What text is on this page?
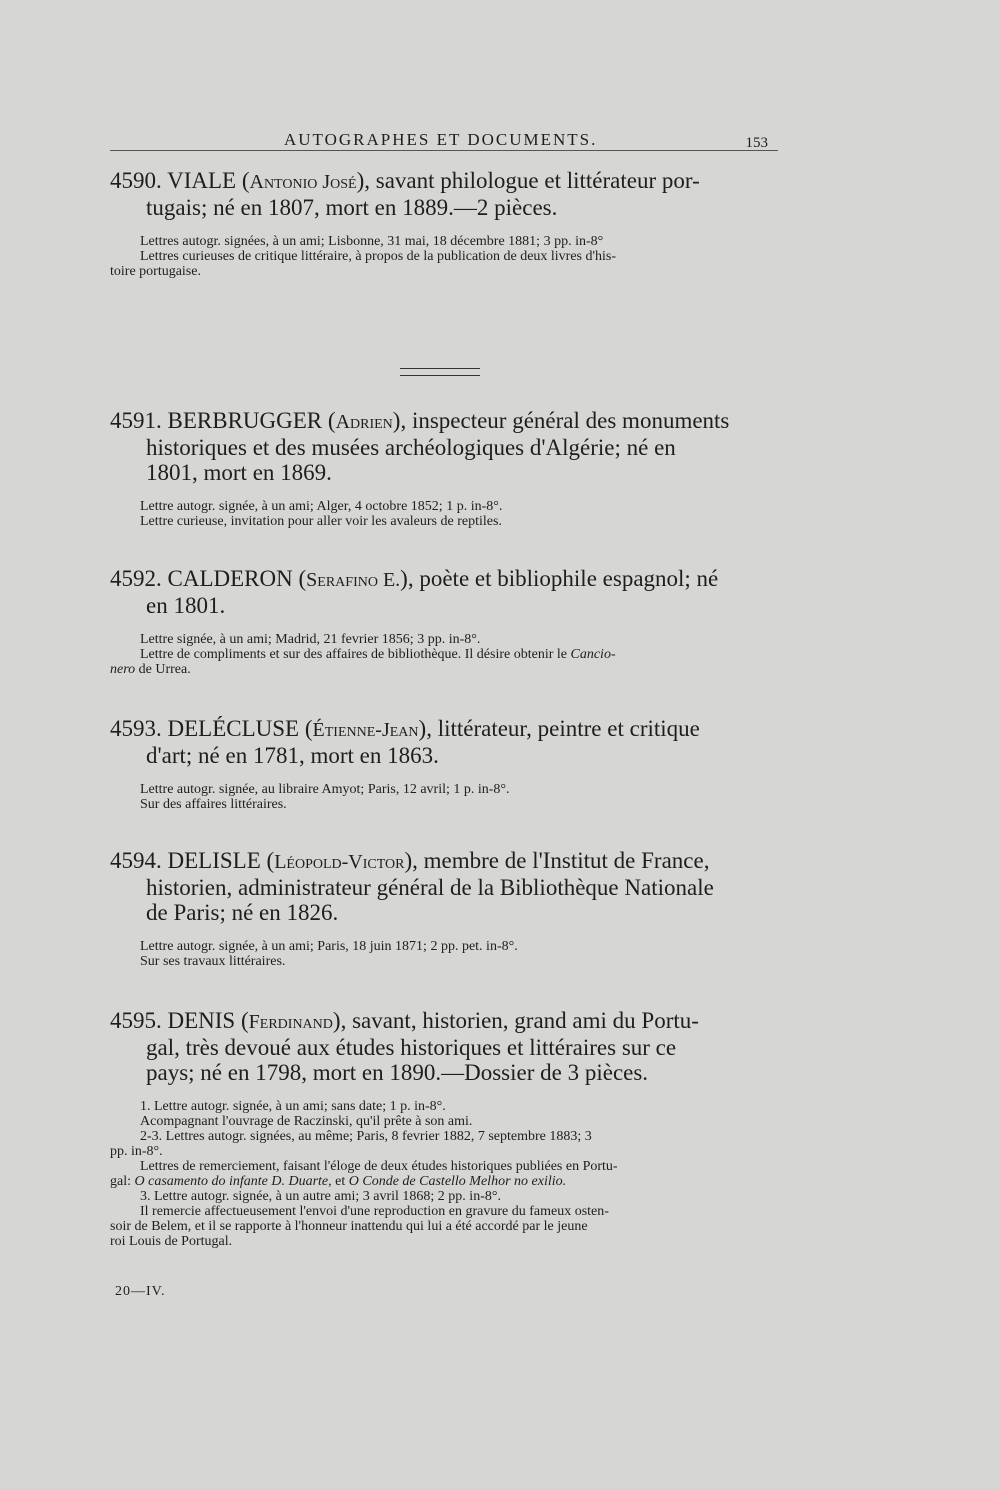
AUTOGRAPHES ET DOCUMENTS.	153

4590. VIALE (Antonio José), savant philologue et littérateur por-
tugais; né en 1807, mort en 1889.—2 pièces.

Lettres autogr. signées, à un ami; Lisbonne, 31 mai, 18 décembre 1881; 3 pp. in-8°

Lettres curieuses de critique littéraire, à propos de la publication de deux livres d'his-

toire portugaise.

4591. BERBRUGGER (Adrien), inspecteur général des monuments
historiques et des musées archéologiques d'Algérie; né en
1801, mort en 1869.

Lettre autogr. signée, à un ami; Alger, 4 octobre 1852; 1 p. in-8°.

Lettre curieuse, invitation pour aller voir les avaleurs de reptiles.

4592. CALDERON (Serafino E.), poète et bibliophile espagnol; né
en 1801.

Lettre signée, à un ami; Madrid, 21 fevrier 1856; 3 pp. in-8°.

Lettre de compliments et sur des affaires de bibliothèque. Il désire obtenir le Cancio-

nero de Urrea.

4593. DELÉCLUSE (Étienne-Jean), littérateur, peintre et critique
d'art; né en 1781, mort en 1863.

Lettre autogr. signée, au libraire Amyot; Paris, 12 avril; 1 p. in-8°.

Sur des affaires littéraires.

4594. DELISLE (Léopold-Victor), membre de l'Institut de France,
historien, administrateur général de la Bibliothèque Nationale
de Paris; né en 1826.

Lettre autogr. signée, à un ami; Paris, 18 juin 1871; 2 pp. pet. in-8°.

Sur ses travaux littéraires.

4595. DENIS (Ferdinand), savant, historien, grand ami du Portu-
gal, très devoué aux études historiques et littéraires sur ce
pays; né en 1798, mort en 1890.—Dossier de 3 pièces.

1. Lettre autogr. signée, à un ami; sans date; 1 p. in-8°.

Acompagnant l'ouvrage de Raczinski, qu'il prête à son ami.

2-3. Lettres autogr. signées, au même; Paris, 8 fevrier 1882, 7 septembre 1883; 3

pp. in-8°.

Lettres de remerciement, faisant l'éloge de deux études historiques publiées en Portu-

gal: O casamento do infante D. Duarte, et O Conde de Castello Melhor no exilio.

3. Lettre autogr. signée, à un autre ami; 3 avril 1868; 2 pp. in-8°.

Il remercie affectueusement l'envoi d'une reproduction en gravure du fameux osten-

soir de Belem, et il se rapporte à l'honneur inattendu qui lui a été accordé par le jeune

roi Louis de Portugal.

20—IV.
